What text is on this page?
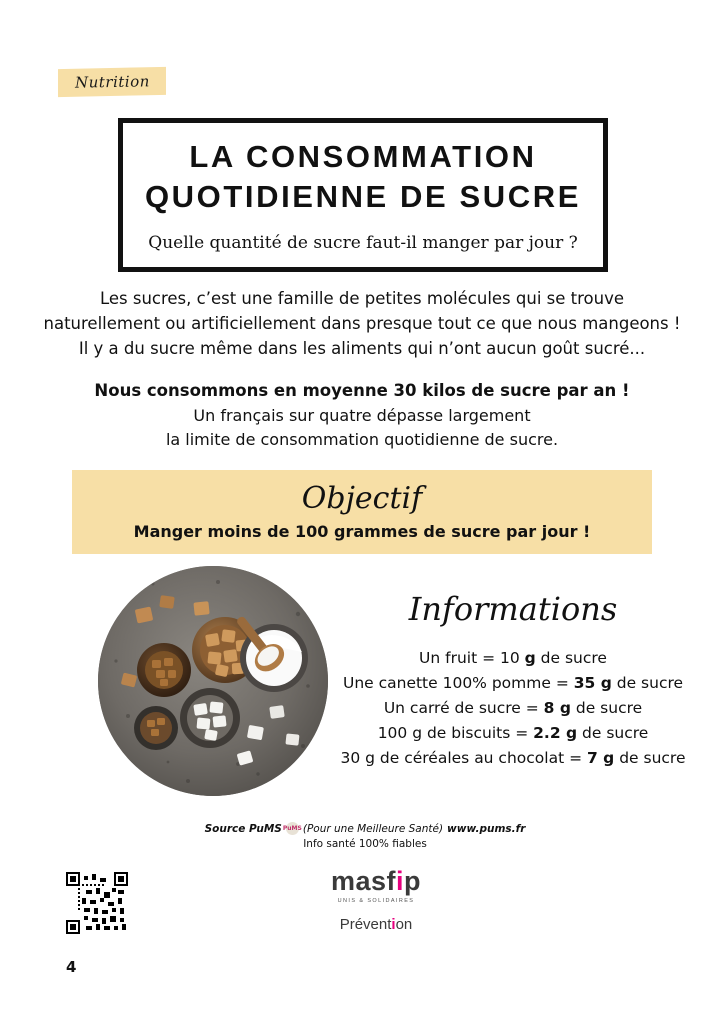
Nutrition
LA CONSOMMATION
QUOTIDIENNE DE SUCRE
Quelle quantité de sucre faut-il manger par jour ?
Les sucres, c’est une famille de petites molécules qui se trouve
naturellement ou artificiellement dans presque tout ce que nous mangeons !
Il y a du sucre même dans les aliments qui n’ont aucun goût sucré...
Nous consommons en moyenne 30 kilos de sucre par an !
Un français sur quatre dépasse largement
la limite de consommation quotidienne de sucre.
Objectif
Manger moins de 100 grammes de sucre par jour !
Informations
Un fruit = 10 g de sucre
Une canette 100% pomme = 35 g de sucre
Un carré de sucre = 8 g de sucre
100 g de biscuits = 2.2 g de sucre
30 g de céréales au chocolat = 7 g de sucre
Source PuMS PuMS (Pour une Meilleure Santé) www.pums.fr
Info santé 100% fiables
masfip
UNIS & SOLIDAIRES
Prévention
4
